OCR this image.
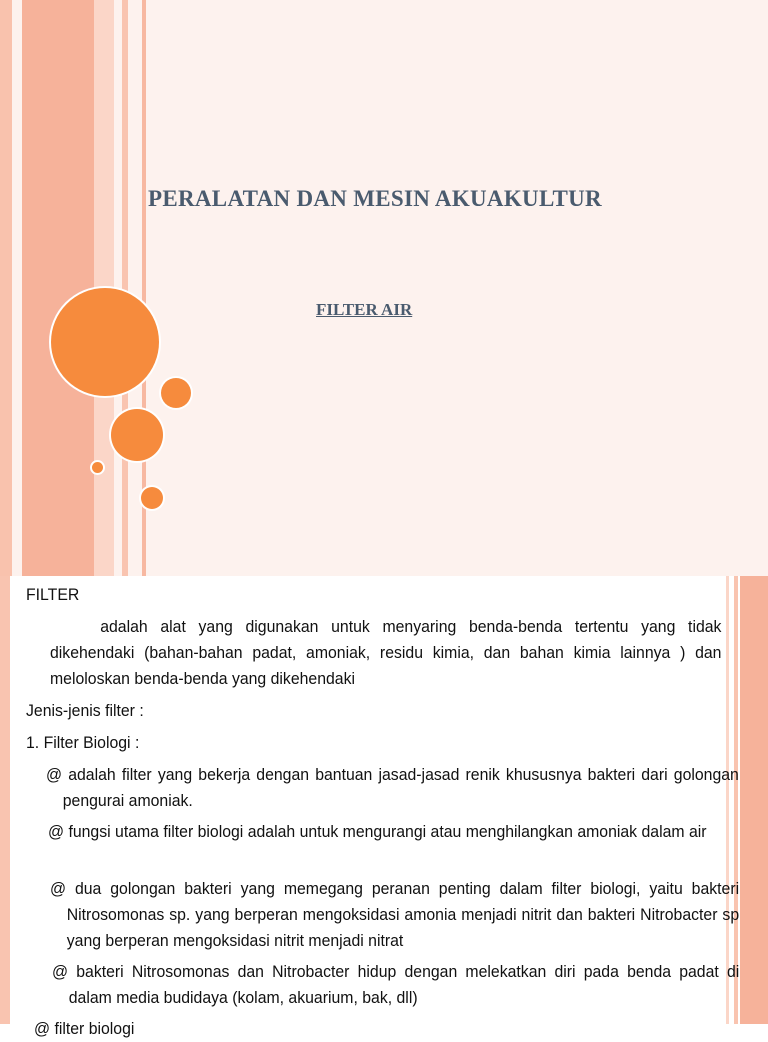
PERALATAN DAN MESIN AKUAKULTUR
FILTER AIR
FILTER
adalah alat yang digunakan untuk menyaring benda-benda tertentu yang tidak dikehendaki (bahan-bahan padat, amoniak, residu kimia, dan bahan kimia lainnya ) dan meloloskan benda-benda yang dikehendaki
Jenis-jenis filter :
1. Filter Biologi :
@ adalah filter yang bekerja dengan bantuan jasad-jasad renik khususnya bakteri dari golongan pengurai amoniak.
@ fungsi utama filter biologi adalah untuk mengurangi atau menghilangkan amoniak dalam air
@ dua golongan bakteri yang memegang peranan penting dalam filter biologi, yaitu bakteri Nitrosomonas sp. yang berperan mengoksidasi amonia menjadi nitrit dan bakteri Nitrobacter sp yang berperan mengoksidasi nitrit menjadi nitrat
@ bakteri Nitrosomonas dan Nitrobacter hidup dengan melekatkan diri pada benda padat di dalam media budidaya (kolam, akuarium, bak, dll)
@ filter biologi
